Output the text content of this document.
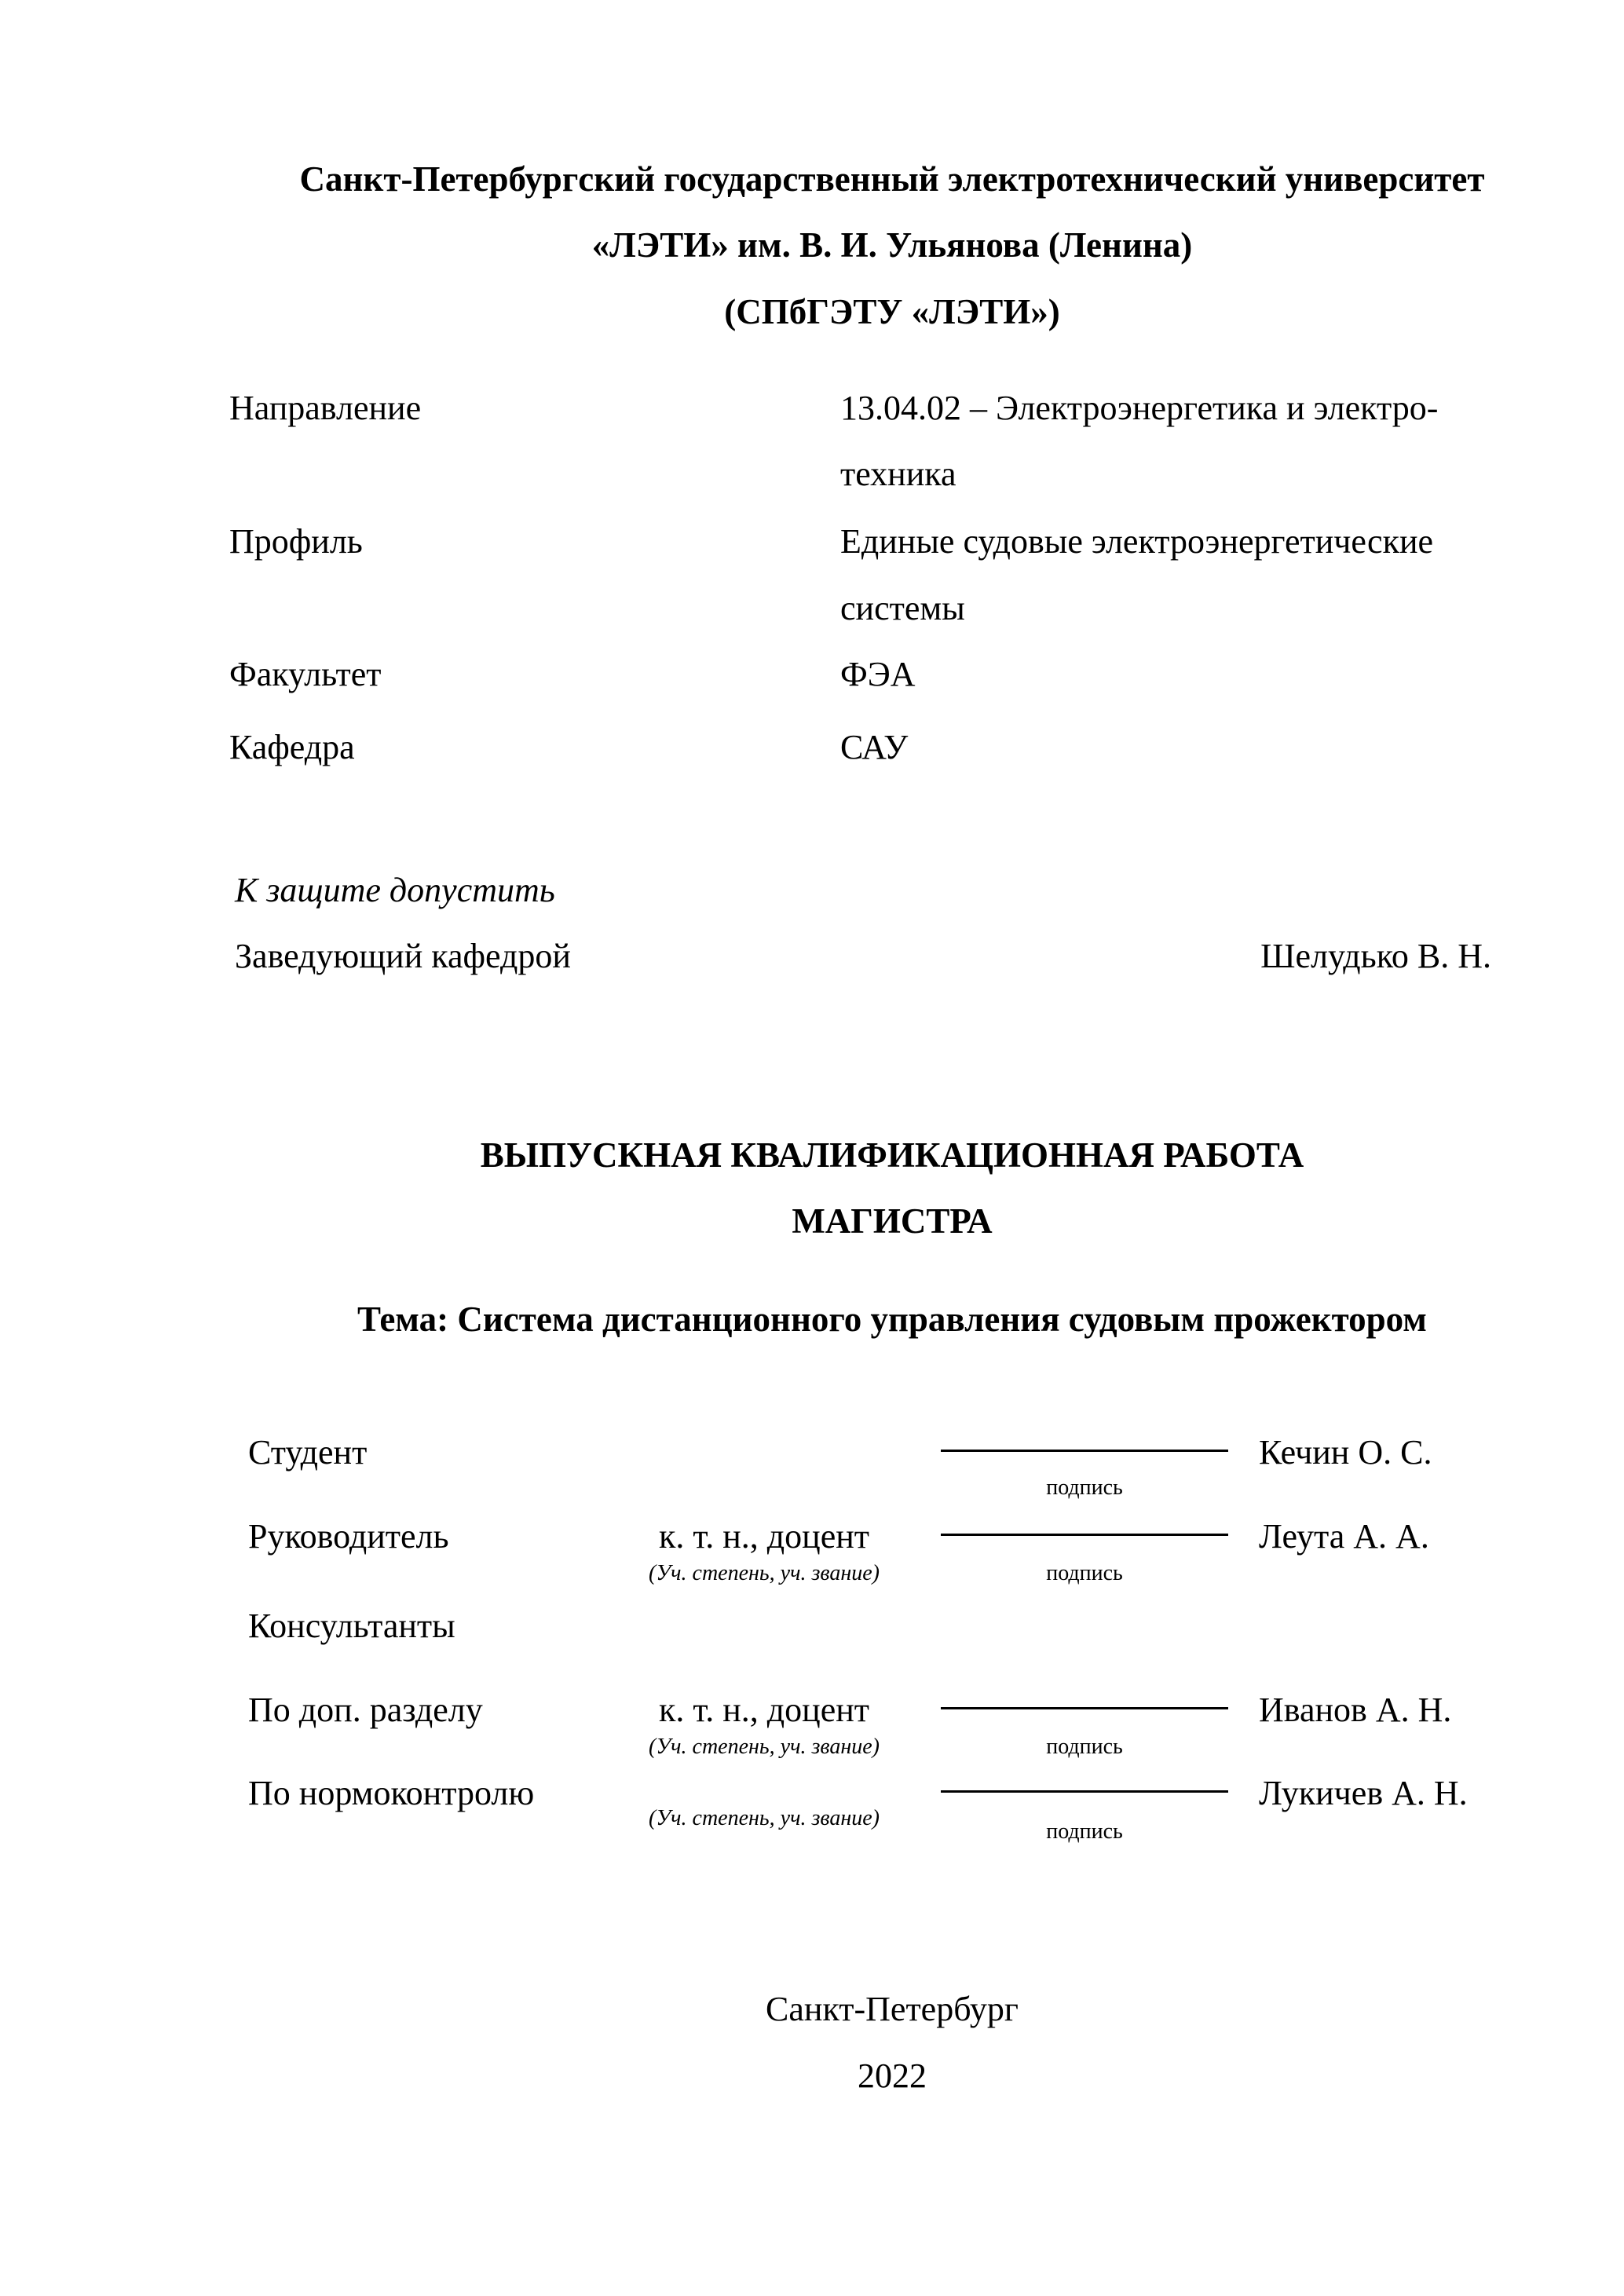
Санкт-Петербургский государственный электротехнический университет
«ЛЭТИ» им. В. И. Ульянова (Ленина)
(СПбГЭТУ «ЛЭТИ»)
Направление	13.04.02 – Электроэнергетика и электро-
техника
Профиль	Единые судовые электроэнергетические
системы
Факультет	ФЭА
Кафедра	САУ
К защите допустить
Заведующий кафедрой	Шелудько В. Н.
ВЫПУСКНАЯ КВАЛИФИКАЦИОННАЯ РАБОТА
МАГИСТРА
Тема: Система дистанционного управления судовым прожектором
Студент	Кечин О. С.
подпись
Руководитель	к. т. н., доцент	Леута А. А.
(Уч. степень, уч. звание)	подпись
Консультанты
По доп. разделу	к. т. н., доцент	Иванов А. Н.
(Уч. степень, уч. звание)	подпись
По нормоконтролю	Лукичев А. Н.
(Уч. степень, уч. звание)
подпись
Санкт-Петербург
2022
